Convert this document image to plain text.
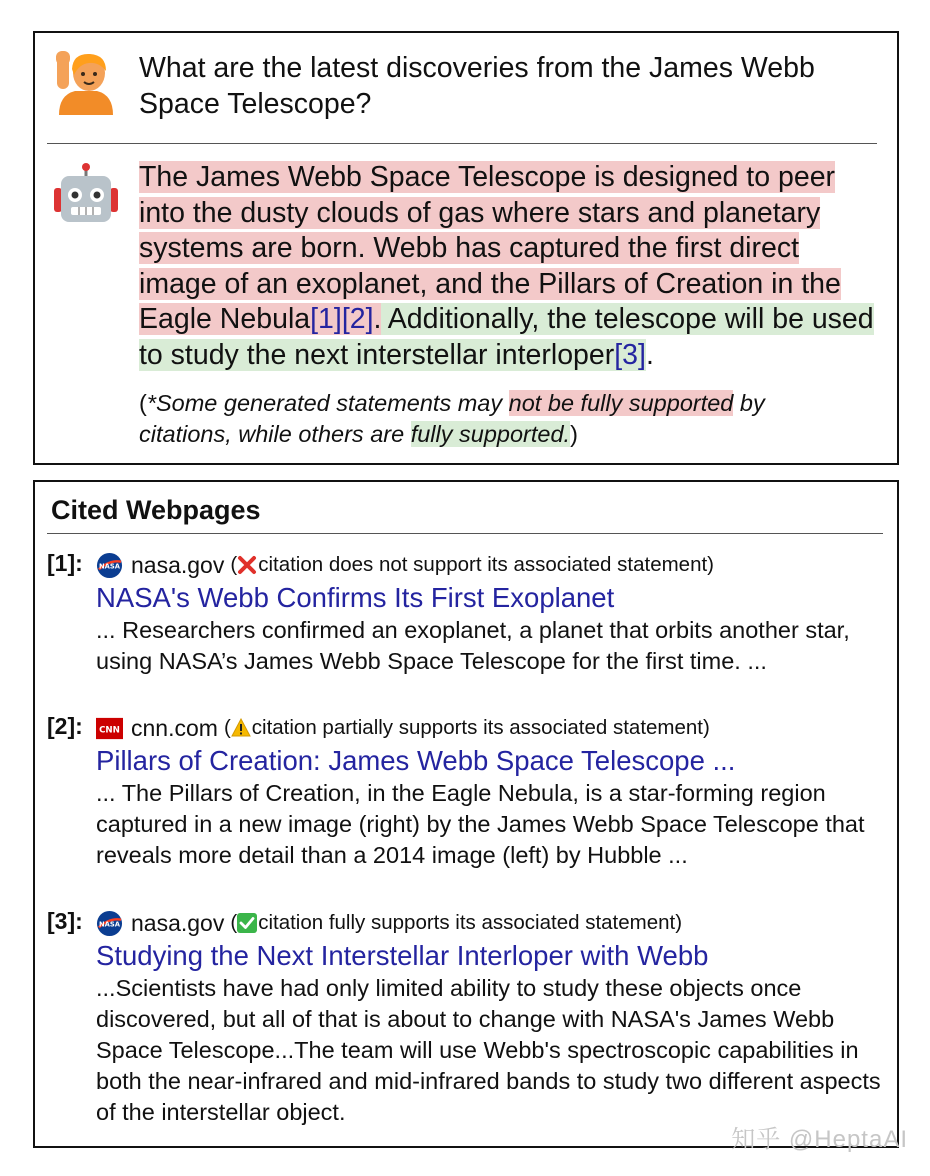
What are the latest discoveries from the James Webb Space Telescope?
The James Webb Space Telescope is designed to peer into the dusty clouds of gas where stars and planetary systems are born. Webb has captured the first direct image of an exoplanet, and the Pillars of Creation in the Eagle Nebula[1][2]. Additionally, the telescope will be used to study the next interstellar interloper[3].
(*Some generated statements may not be fully supported by citations, while others are fully supported.)
Cited Webpages
[1]: NASA nasa.gov ( citation does not support its associated statement)
NASA's Webb Confirms Its First Exoplanet
... Researchers confirmed an exoplanet, a planet that orbits another star, using NASA’s James Webb Space Telescope for the first time. ...
[2]: CNN cnn.com ( citation partially supports its associated statement)
Pillars of Creation: James Webb Space Telescope ...
... The Pillars of Creation, in the Eagle Nebula, is a star-forming region captured in a new image (right) by the James Webb Space Telescope that reveals more detail than a 2014 image (left) by Hubble ...
[3]: NASA nasa.gov ( citation fully supports its associated statement)
Studying the Next Interstellar Interloper with Webb
...Scientists have had only limited ability to study these objects once discovered, but all of that is about to change with NASA's James Webb Space Telescope...The team will use Webb's spectroscopic capabilities in both the near-infrared and mid-infrared bands to study two different aspects of the interstellar object.
知乎 @HeptaAI
